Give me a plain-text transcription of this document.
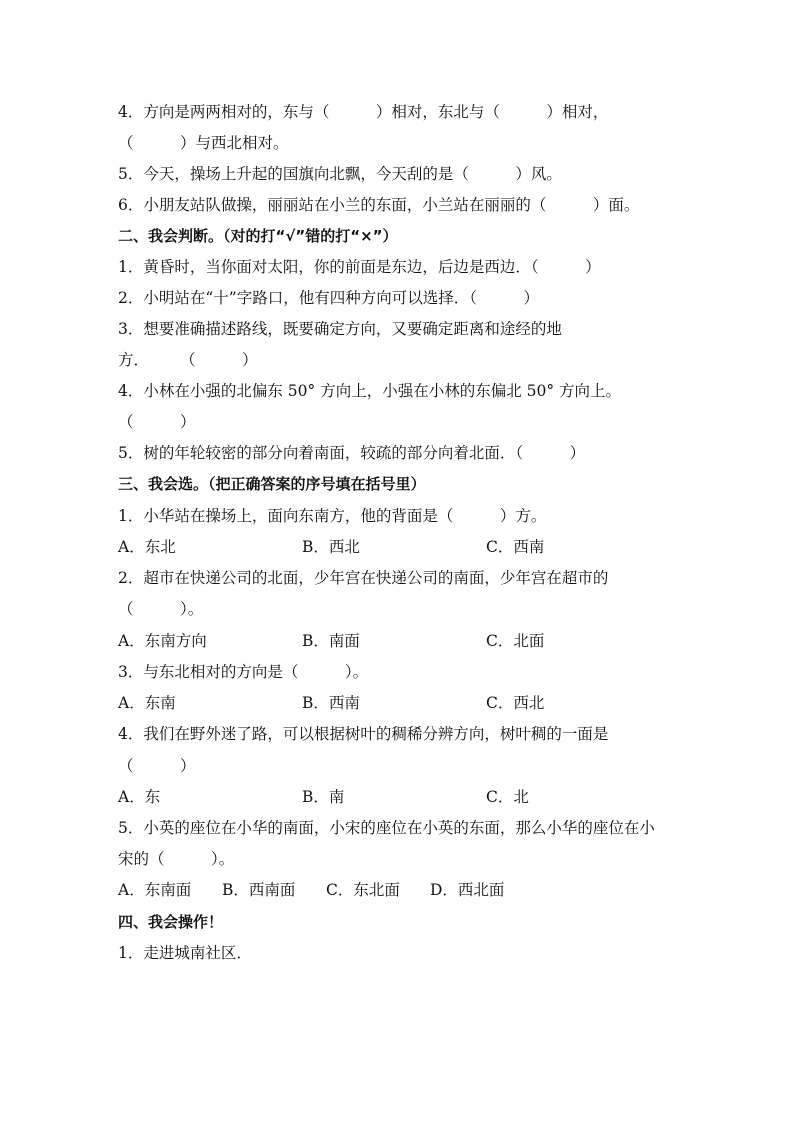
4．方向是两两相对的，东与（　　　）相对，东北与（　　　）相对，
（　　　）与西北相对。
5．今天，操场上升起的国旗向北飘，今天刮的是（　　　）风。
6．小朋友站队做操，丽丽站在小兰的东面，小兰站在丽丽的（　　　）面。
二、我会判断。（对的打“√”错的打“×”）
1．黄昏时，当你面对太阳，你的前面是东边，后边是西边．（　　　）
2．小明站在“十”字路口，他有四种方向可以选择．（　　　）
3．想要准确描述路线，既要确定方向，又要确定距离和途经的地
方．　　　（　　　）
4．小林在小强的北偏东 50° 方向上，小强在小林的东偏北 50° 方向上。
（　　　）
5．树的年轮较密的部分向着南面，较疏的部分向着北面．（　　　）
三、我会选。（把正确答案的序号填在括号里）
1．小华站在操场上，面向东南方，他的背面是（　　　）方。
A．东北	B．西北	C．西南
2．超市在快递公司的北面，少年宫在快递公司的南面，少年宫在超市的
（　　　）。
A．东南方向	B．南面	C．北面
3．与东北相对的方向是（　　　）。
A．东南	B．西南	C．西北
4．我们在野外迷了路，可以根据树叶的稠稀分辨方向，树叶稠的一面是
（　　　）
A．东	B．南	C．北
5．小英的座位在小华的南面，小宋的座位在小英的东面，那么小华的座位在小
宋的（　　　）。
A．东南面 B．西南面 C．东北面 D．西北面
四、我会操作！
1．走进城南社区．
